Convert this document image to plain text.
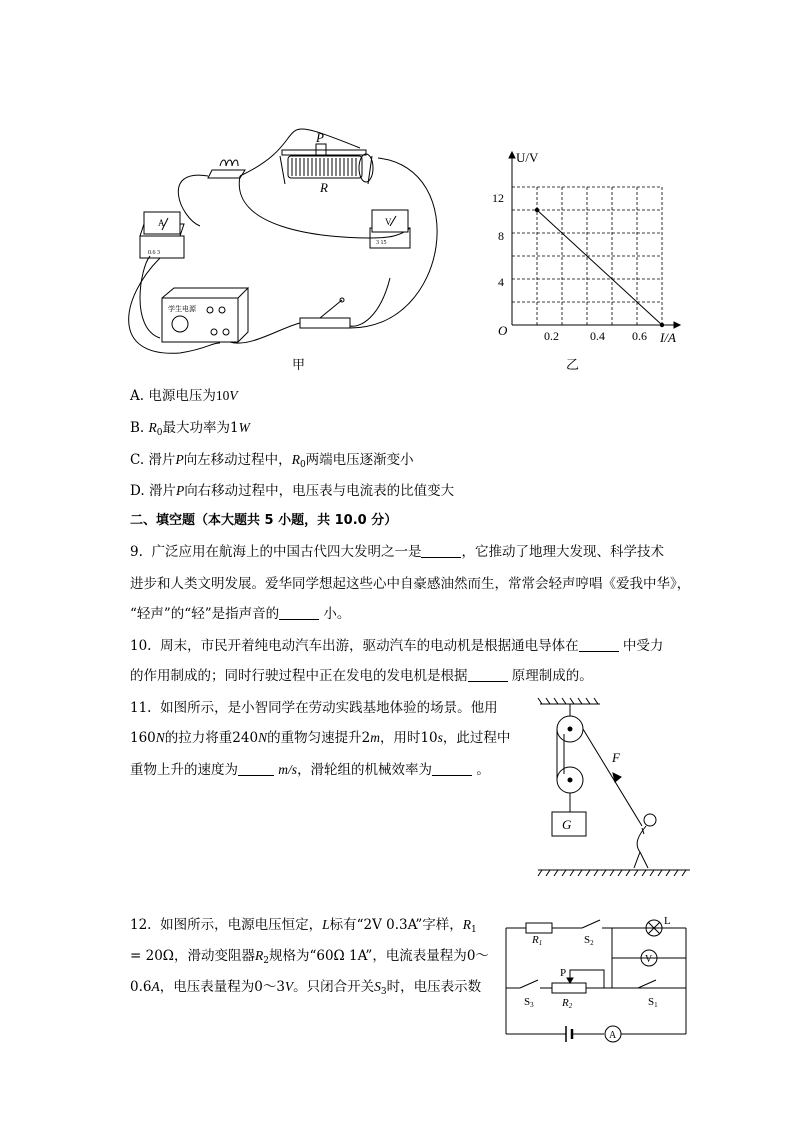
P
R
A
0.6 3
V
3 15
学生电源
甲
U/V
I/A
O
12
8
4
0.2	0.4 0.6
乙
A. 电源电压为10V
B. $R_0$最大功率为1W
C. 滑片P向左移动过程中，$R_0$两端电压逐渐变小
D. 滑片P向右移动过程中，电压表与电流表的比值变大
二、填空题（本大题共 5 小题，共 10.0 分）
9. 广泛应用在航海上的中国古代四大发明之一是	，它推动了地理大发现、科学技术
进步和人类文明发展。爱华同学想起这些心中自豪感油然而生，常常会轻声哼唱《爱我中华》，
“轻声”的“轻”是指声音的	小。
10. 周末，市民开着纯电动汽车出游，驱动汽车的电动机是根据通电导体在	中受力
的作用制成的；同时行驶过程中正在发电的发电机是根据	原理制成的。
11. 如图所示，是小智同学在劳动实践基地体验的场景。他用
160N的拉力将重240N的重物匀速提升2m，用时10s，此过程中
重物上升的速度为	m/s，滑轮组的机械效率为	。
F
G
12. 如图所示，电源电压恒定，L标有“2V 0.3A”字样，$R_1$
= 20Ω，滑动变阻器$R_2$规格为“60Ω 1A”，电流表量程为0～
0.6A，电压表量程为0～3V。只闭合开关$S_3$时，电压表示数
R1	S2
L
V
P
S3	R2	S1
A
